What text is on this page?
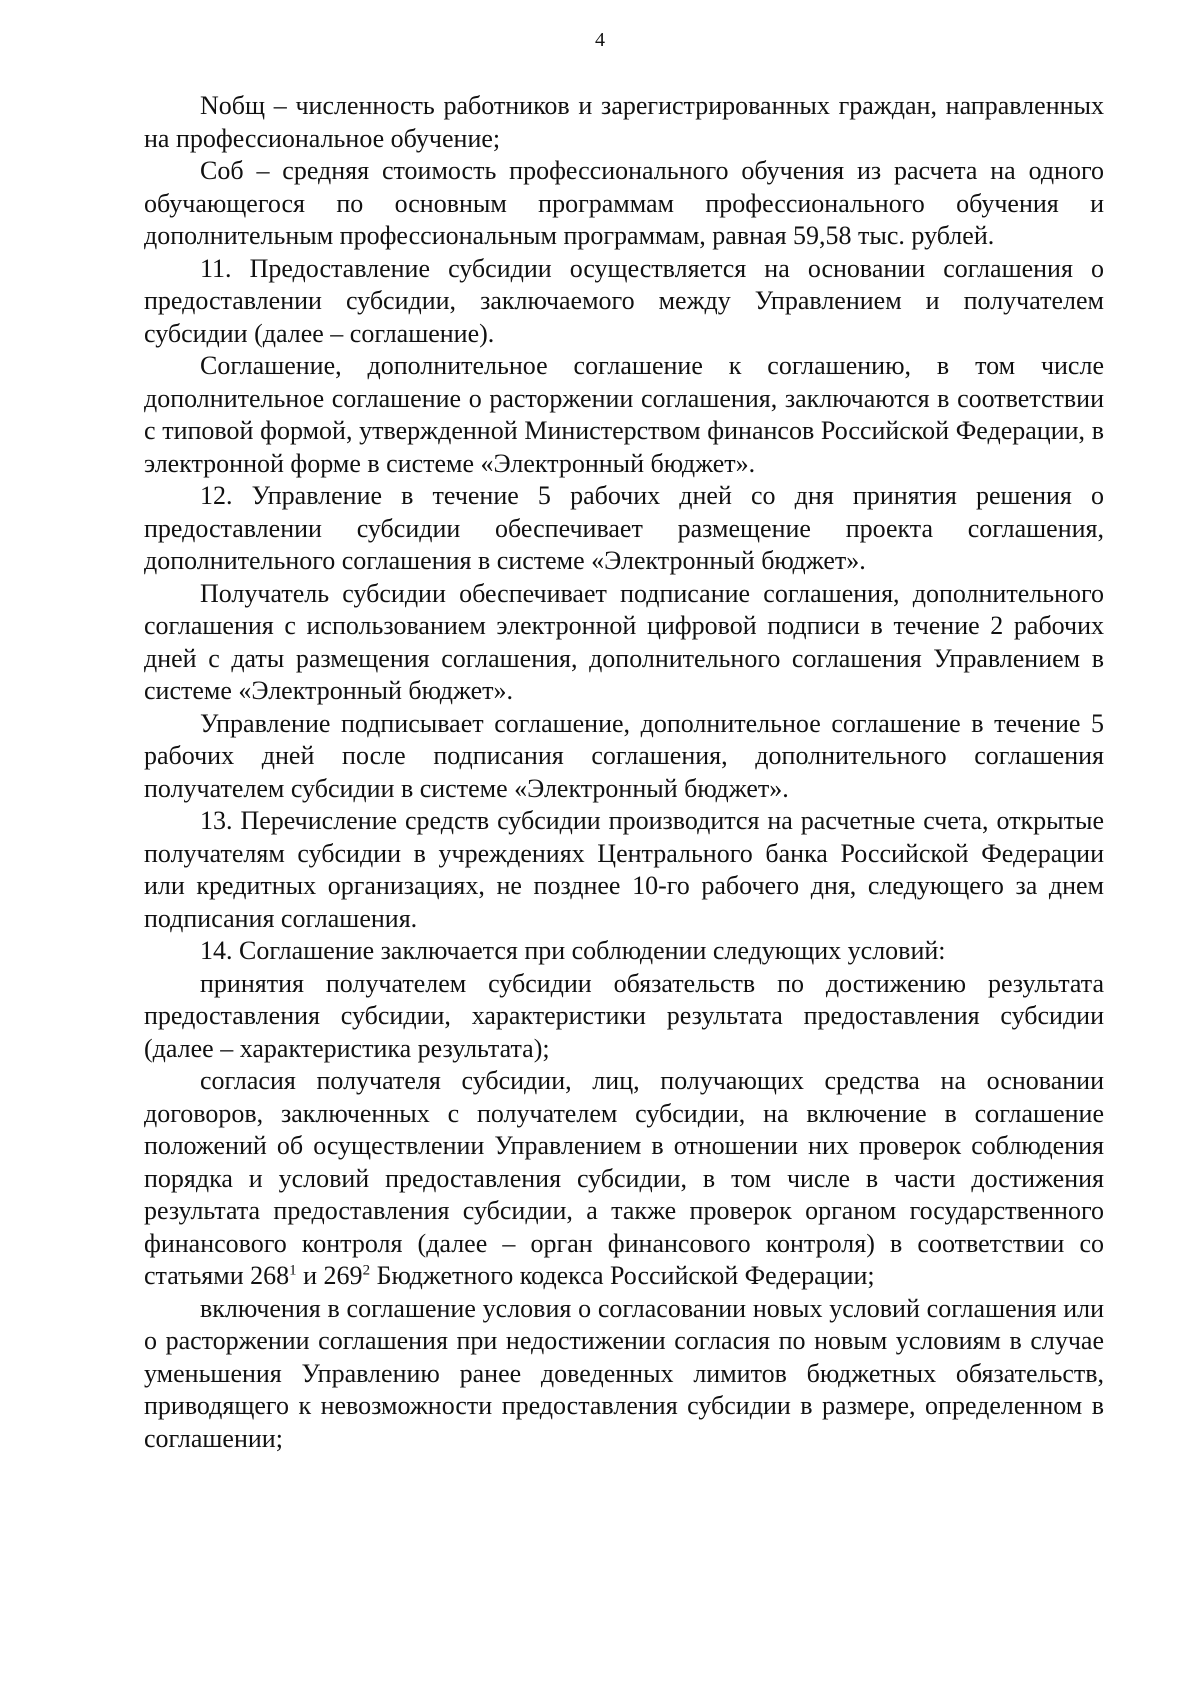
4

Nобщ – численность работников и зарегистрированных граждан, направленных на профессиональное обучение;

Соб – средняя стоимость профессионального обучения из расчета на одного обучающегося по основным программам профессионального обучения и дополнительным профессиональным программам, равная 59,58 тыс. рублей.

11. Предоставление субсидии осуществляется на основании соглашения о предоставлении субсидии, заключаемого между Управлением и получателем субсидии (далее – соглашение).

Соглашение, дополнительное соглашение к соглашению, в том числе дополнительное соглашение о расторжении соглашения, заключаются в соответствии с типовой формой, утвержденной Министерством финансов Российской Федерации, в электронной форме в системе «Электронный бюджет».

12. Управление в течение 5 рабочих дней со дня принятия решения о предоставлении субсидии обеспечивает размещение проекта соглашения, дополнительного соглашения в системе «Электронный бюджет».

Получатель субсидии обеспечивает подписание соглашения, дополнительного соглашения с использованием электронной цифровой подписи в течение 2 рабочих дней с даты размещения соглашения, дополнительного соглашения Управлением в системе «Электронный бюджет».

Управление подписывает соглашение, дополнительное соглашение в течение 5 рабочих дней после подписания соглашения, дополнительного соглашения получателем субсидии в системе «Электронный бюджет».

13. Перечисление средств субсидии производится на расчетные счета, открытые получателям субсидии в учреждениях Центрального банка Российской Федерации или кредитных организациях, не позднее 10-го рабочего дня, следующего за днем подписания соглашения.

14. Соглашение заключается при соблюдении следующих условий:

принятия получателем субсидии обязательств по достижению результата предоставления субсидии, характеристики результата предоставления субсидии (далее – характеристика результата);

согласия получателя субсидии, лиц, получающих средства на основании договоров, заключенных с получателем субсидии, на включение в соглашение положений об осуществлении Управлением в отношении них проверок соблюдения порядка и условий предоставления субсидии, в том числе в части достижения результата предоставления субсидии, а также проверок органом государственного финансового контроля (далее – орган финансового контроля) в соответствии со статьями $268^1$ и $269^2$ Бюджетного кодекса Российской Федерации;

включения в соглашение условия о согласовании новых условий соглашения или о расторжении соглашения при недостижении согласия по новым условиям в случае уменьшения Управлению ранее доведенных лимитов бюджетных обязательств, приводящего к невозможности предоставления субсидии в размере, определенном в соглашении;
